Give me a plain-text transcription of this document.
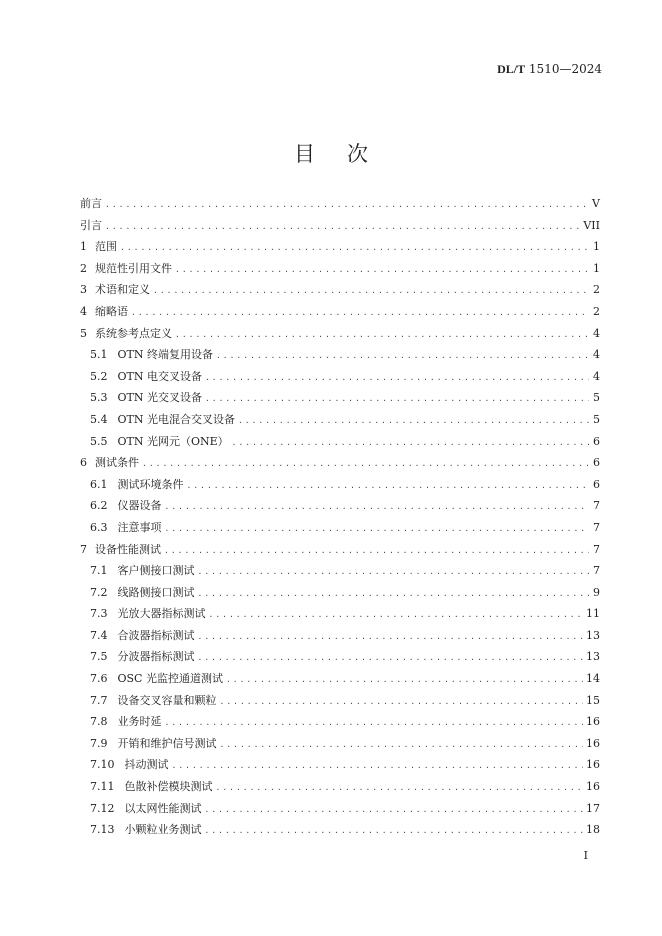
DL/T 1510—2024
目 次
前言 .....	V
引言 .....	VII
1 范围 .....	1
2 规范性引用文件 .....	1
3 术语和定义 .....	2
4 缩略语 .....	2
5 系统参考点定义 .....	4
5.1 OTN 终端复用设备 .....	4
5.2 OTN 电交叉设备 .....	4
5.3 OTN 光交叉设备 .....	5
5.4 OTN 光电混合交叉设备 .....	5
5.5 OTN 光网元（ONE） .....	6
6 测试条件 .....	6
6.1 测试环境条件 .....	6
6.2 仪器设备 .....	7
6.3 注意事项 .....	7
7 设备性能测试 .....	7
7.1 客户侧接口测试 .....	7
7.2 线路侧接口测试 .....	9
7.3 光放大器指标测试 .....	11
7.4 合波器指标测试 .....	13
7.5 分波器指标测试 .....	13
7.6 OSC 光监控通道测试 .....	14
7.7 设备交叉容量和颗粒 .....	15
7.8 业务时延 .....	16
7.9 开销和维护信号测试 .....	16
7.10 抖动测试 .....	16
7.11 色散补偿模块测试 .....	16
7.12 以太网性能测试 .....	17
7.13 小颗粒业务测试 .....	18
I
